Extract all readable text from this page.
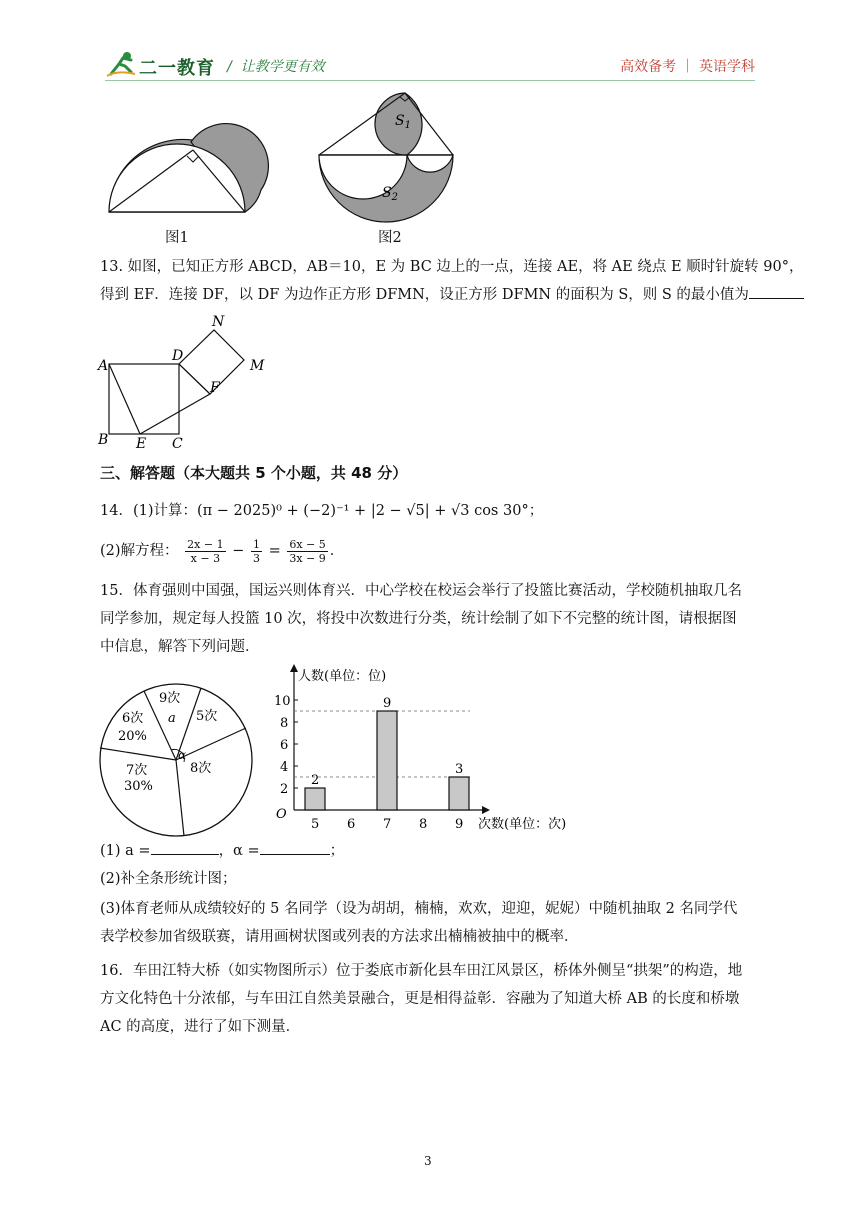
二一教育 / 让教学更有效	高效备考 ｜ 英语学科
图1
$S_1$
$S_2$
图2
13. 如图，已知正方形 ABCD，AB＝10，E 为 BC 边上的一点，连接 AE，将 AE 绕点 E 顺时针旋转 90°，
得到 EF．连接 DF，以 DF 为边作正方形 DFMN，设正方形 DFMN 的面积为 S，则 S 的最小值为
N
A
D
M
F
B E C
三、解答题（本大题共 5 个小题，共 48 分）
14．(1)计算：(π − 2025)⁰ + (−2)⁻¹ + |2 − √5| + √3 cos 30°；
(2)解方程： $\frac{2x - 1}{x - 3} - \frac{1}{3} = \frac{6x - 5}{3x - 9}$ ．
15．体育强则中国强，国运兴则体育兴．中心学校在校运会举行了投篮比赛活动，学校随机抽取几名
同学参加，规定每人投篮 10 次，将投中次数进行分类，统计绘制了如下不完整的统计图，请根据图
中信息，解答下列问题．
9次
a 5次
8次
7次
30%
6次
20%
α
人数(单位：位)
次数(单位：次)
O
2
9
3
2
4
6
8
10
5 6 7 8 9
(1) a =	，α =	；
(2)补全条形统计图；
(3)体育老师从成绩较好的 5 名同学（设为胡胡，楠楠，欢欢，迎迎，妮妮）中随机抽取 2 名同学代
表学校参加省级联赛，请用画树状图或列表的方法求出楠楠被抽中的概率．
16．车田江特大桥（如实物图所示）位于娄底市新化县车田江风景区，桥体外侧呈“拱架”的构造，地
方文化特色十分浓郁，与车田江自然美景融合，更是相得益彰．容融为了知道大桥 AB 的长度和桥墩
AC 的高度，进行了如下测量．
3
